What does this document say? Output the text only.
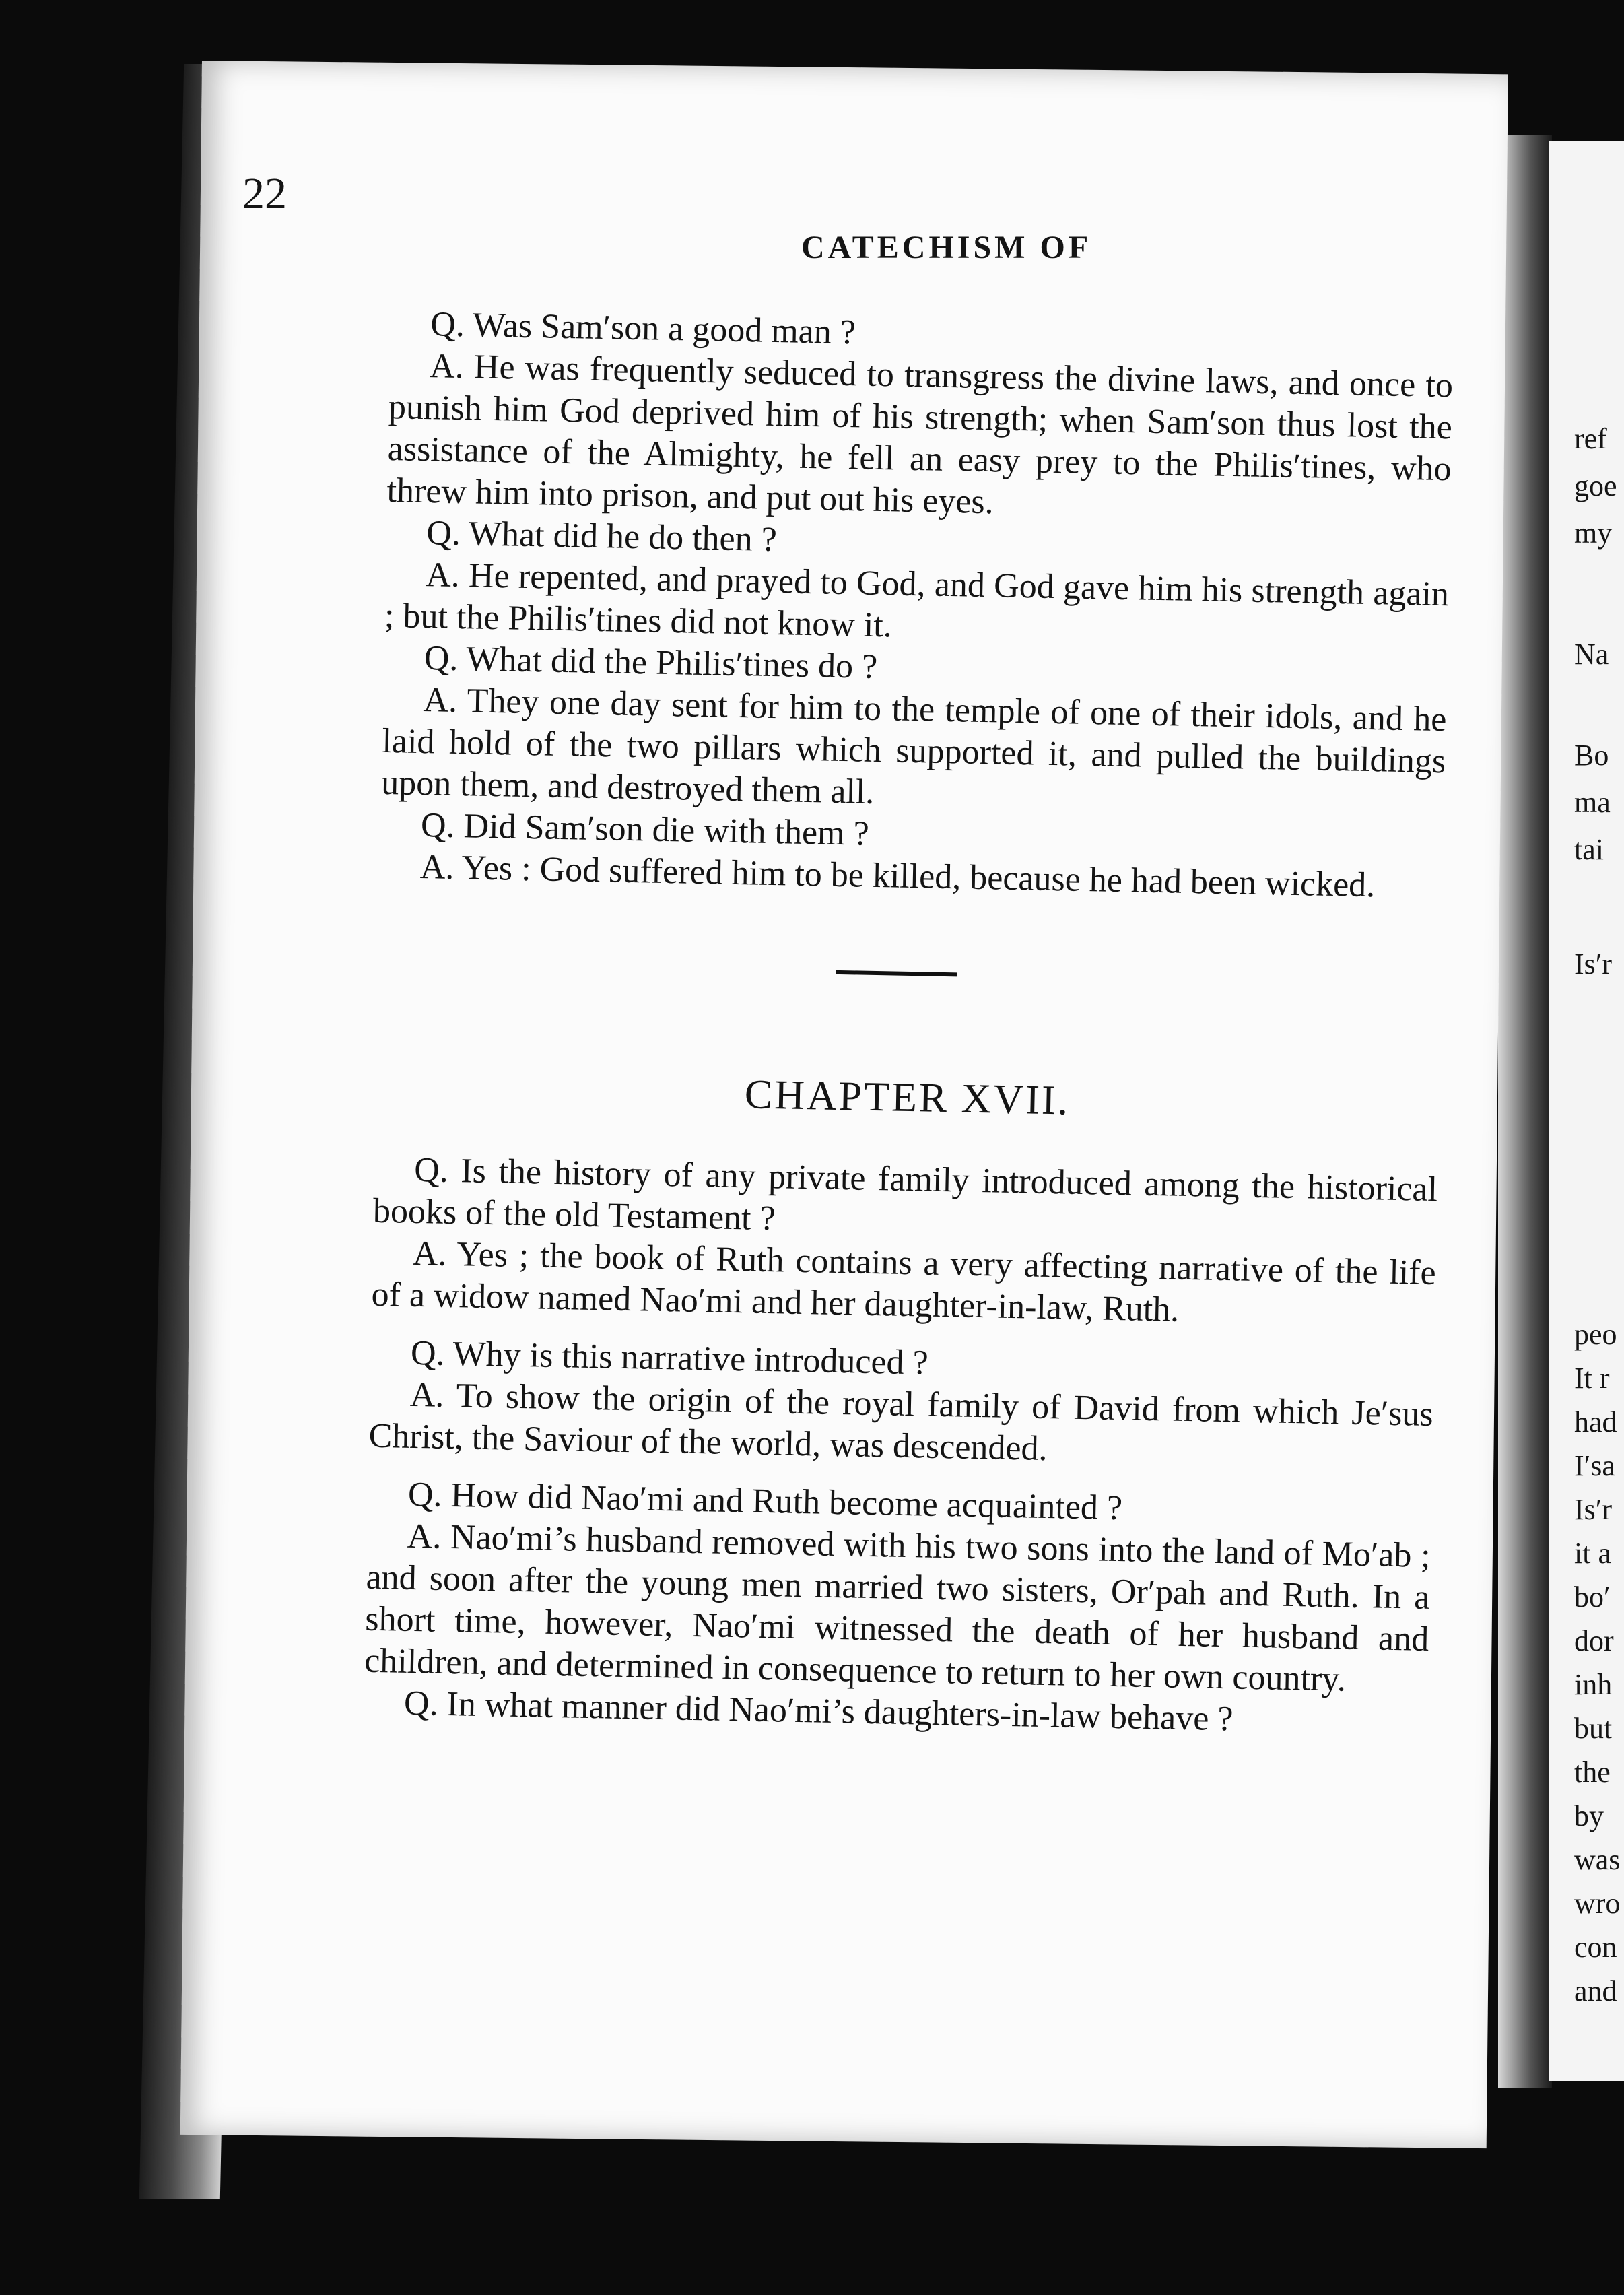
ref
goe
my
Na
Bo
ma
tai
Is′r
peo
It r
had
I′sa
Is′r
it a
bo′
dor
inh
but
the
by
was
wro
con
and
22
CATECHISM OF

Q. Was Sam′son a good man ?

A. He was frequently seduced to transgress the divine laws, and once to punish him God deprived him of his strength; when Sam′son thus lost the assistance of the Almighty, he fell an easy prey to the Philis′tines, who threw him into prison, and put out his eyes.

Q. What did he do then ?

A. He repented, and prayed to God, and God gave him his strength again ; but the Philis′tines did not know it.

Q. What did the Philis′tines do ?

A. They one day sent for him to the temple of one of their idols, and he laid hold of the two pillars which supported it, and pulled the buildings upon them, and destroyed them all.

Q. Did Sam′son die with them ?

A. Yes : God suffered him to be killed, because he had been wicked.

CHAPTER XVII.

Q. Is the history of any private family introduced among the historical books of the old Testament ?

A. Yes ; the book of Ruth contains a very affecting narrative of the life of a widow named Nao′mi and her daughter-in-law, Ruth.

Q. Why is this narrative introduced ?

A. To show the origin of the royal family of David from which Je′sus Christ, the Saviour of the world, was descended.

Q. How did Nao′mi and Ruth become acquainted ?

A. Nao′mi’s husband removed with his two sons into the land of Mo′ab ; and soon after the young men married two sisters, Or′pah and Ruth. In a short time, however, Nao′mi witnessed the death of her husband and children, and determined in consequence to return to her own country.

Q. In what manner did Nao′mi’s daughters-in-law behave ?
